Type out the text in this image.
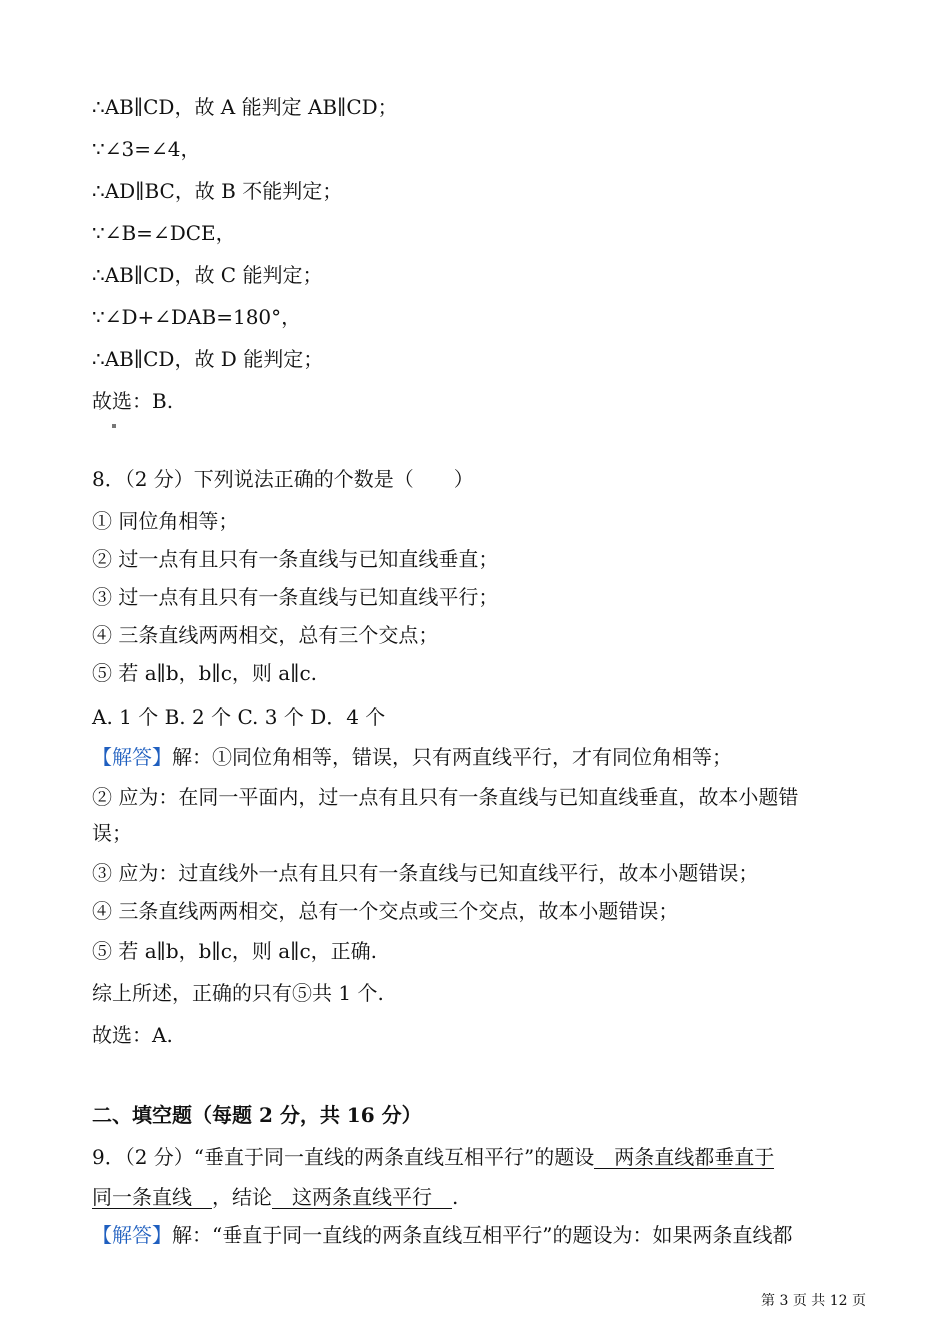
∴AB∥CD，故 A 能判定 AB∥CD；
∵∠3=∠4，
∴AD∥BC，故 B 不能判定；
∵∠B=∠DCE，
∴AB∥CD，故 C 能判定；
∵∠D+∠DAB=180°，
∴AB∥CD，故 D 能判定；
故选：B.
8．（2 分）下列说法正确的个数是（　　）
① 同位角相等；
② 过一点有且只有一条直线与已知直线垂直；
③ 过一点有且只有一条直线与已知直线平行；
④ 三条直线两两相交，总有三个交点；
⑤ 若 a∥b，b∥c，则 a∥c.
A. 1 个 B. 2 个 C. 3 个 D．4 个
【解答】解：①同位角相等，错误，只有两直线平行，才有同位角相等；
② 应为：在同一平面内，过一点有且只有一条直线与已知直线垂直，故本小题错
误；
③ 应为：过直线外一点有且只有一条直线与已知直线平行，故本小题错误；
④ 三条直线两两相交，总有一个交点或三个交点，故本小题错误；
⑤ 若 a∥b，b∥c，则 a∥c，正确.
综上所述，正确的只有⑤共 1 个.
故选：A.
二、填空题（每题 2 分，共 16 分）
9．（2 分）“垂直于同一直线的两条直线互相平行”的题设　两条直线都垂直于
同一条直线　，结论　这两条直线平行　.
【解答】解：“垂直于同一直线的两条直线互相平行”的题设为：如果两条直线都
第 3 页 共 12 页
